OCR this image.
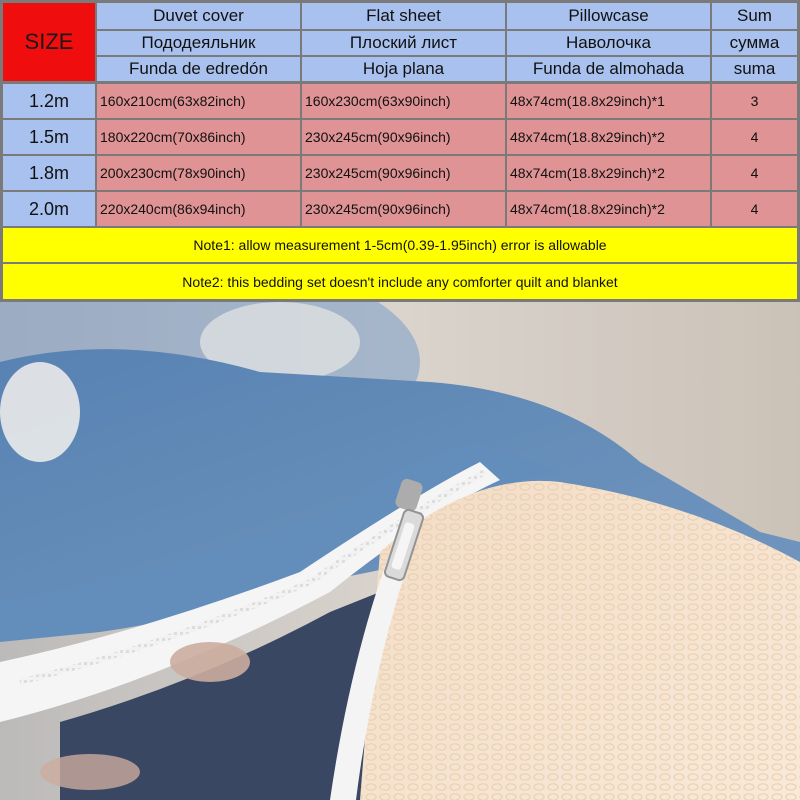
SIZE
Duvet cover	Flat sheet	Pillowcase	Sum
Пододеяльник	Плоский лист	Наволочка	сумма
Funda de edredón	Hoja plana	Funda de almohada	suma
1.2m	160x210cm(63x82inch)	160x230cm(63x90inch)	48x74cm(18.8x29inch)*1	3
1.5m	180x220cm(70x86inch)	230x245cm(90x96inch)	48x74cm(18.8x29inch)*2	4
1.8m	200x230cm(78x90inch)	230x245cm(90x96inch)	48x74cm(18.8x29inch)*2	4
2.0m	220x240cm(86x94inch)	230x245cm(90x96inch)	48x74cm(18.8x29inch)*2	4
Note1: allow measurement 1-5cm(0.39-1.95inch) error is allowable
Note2: this bedding set doesn't include any comforter quilt and blanket
